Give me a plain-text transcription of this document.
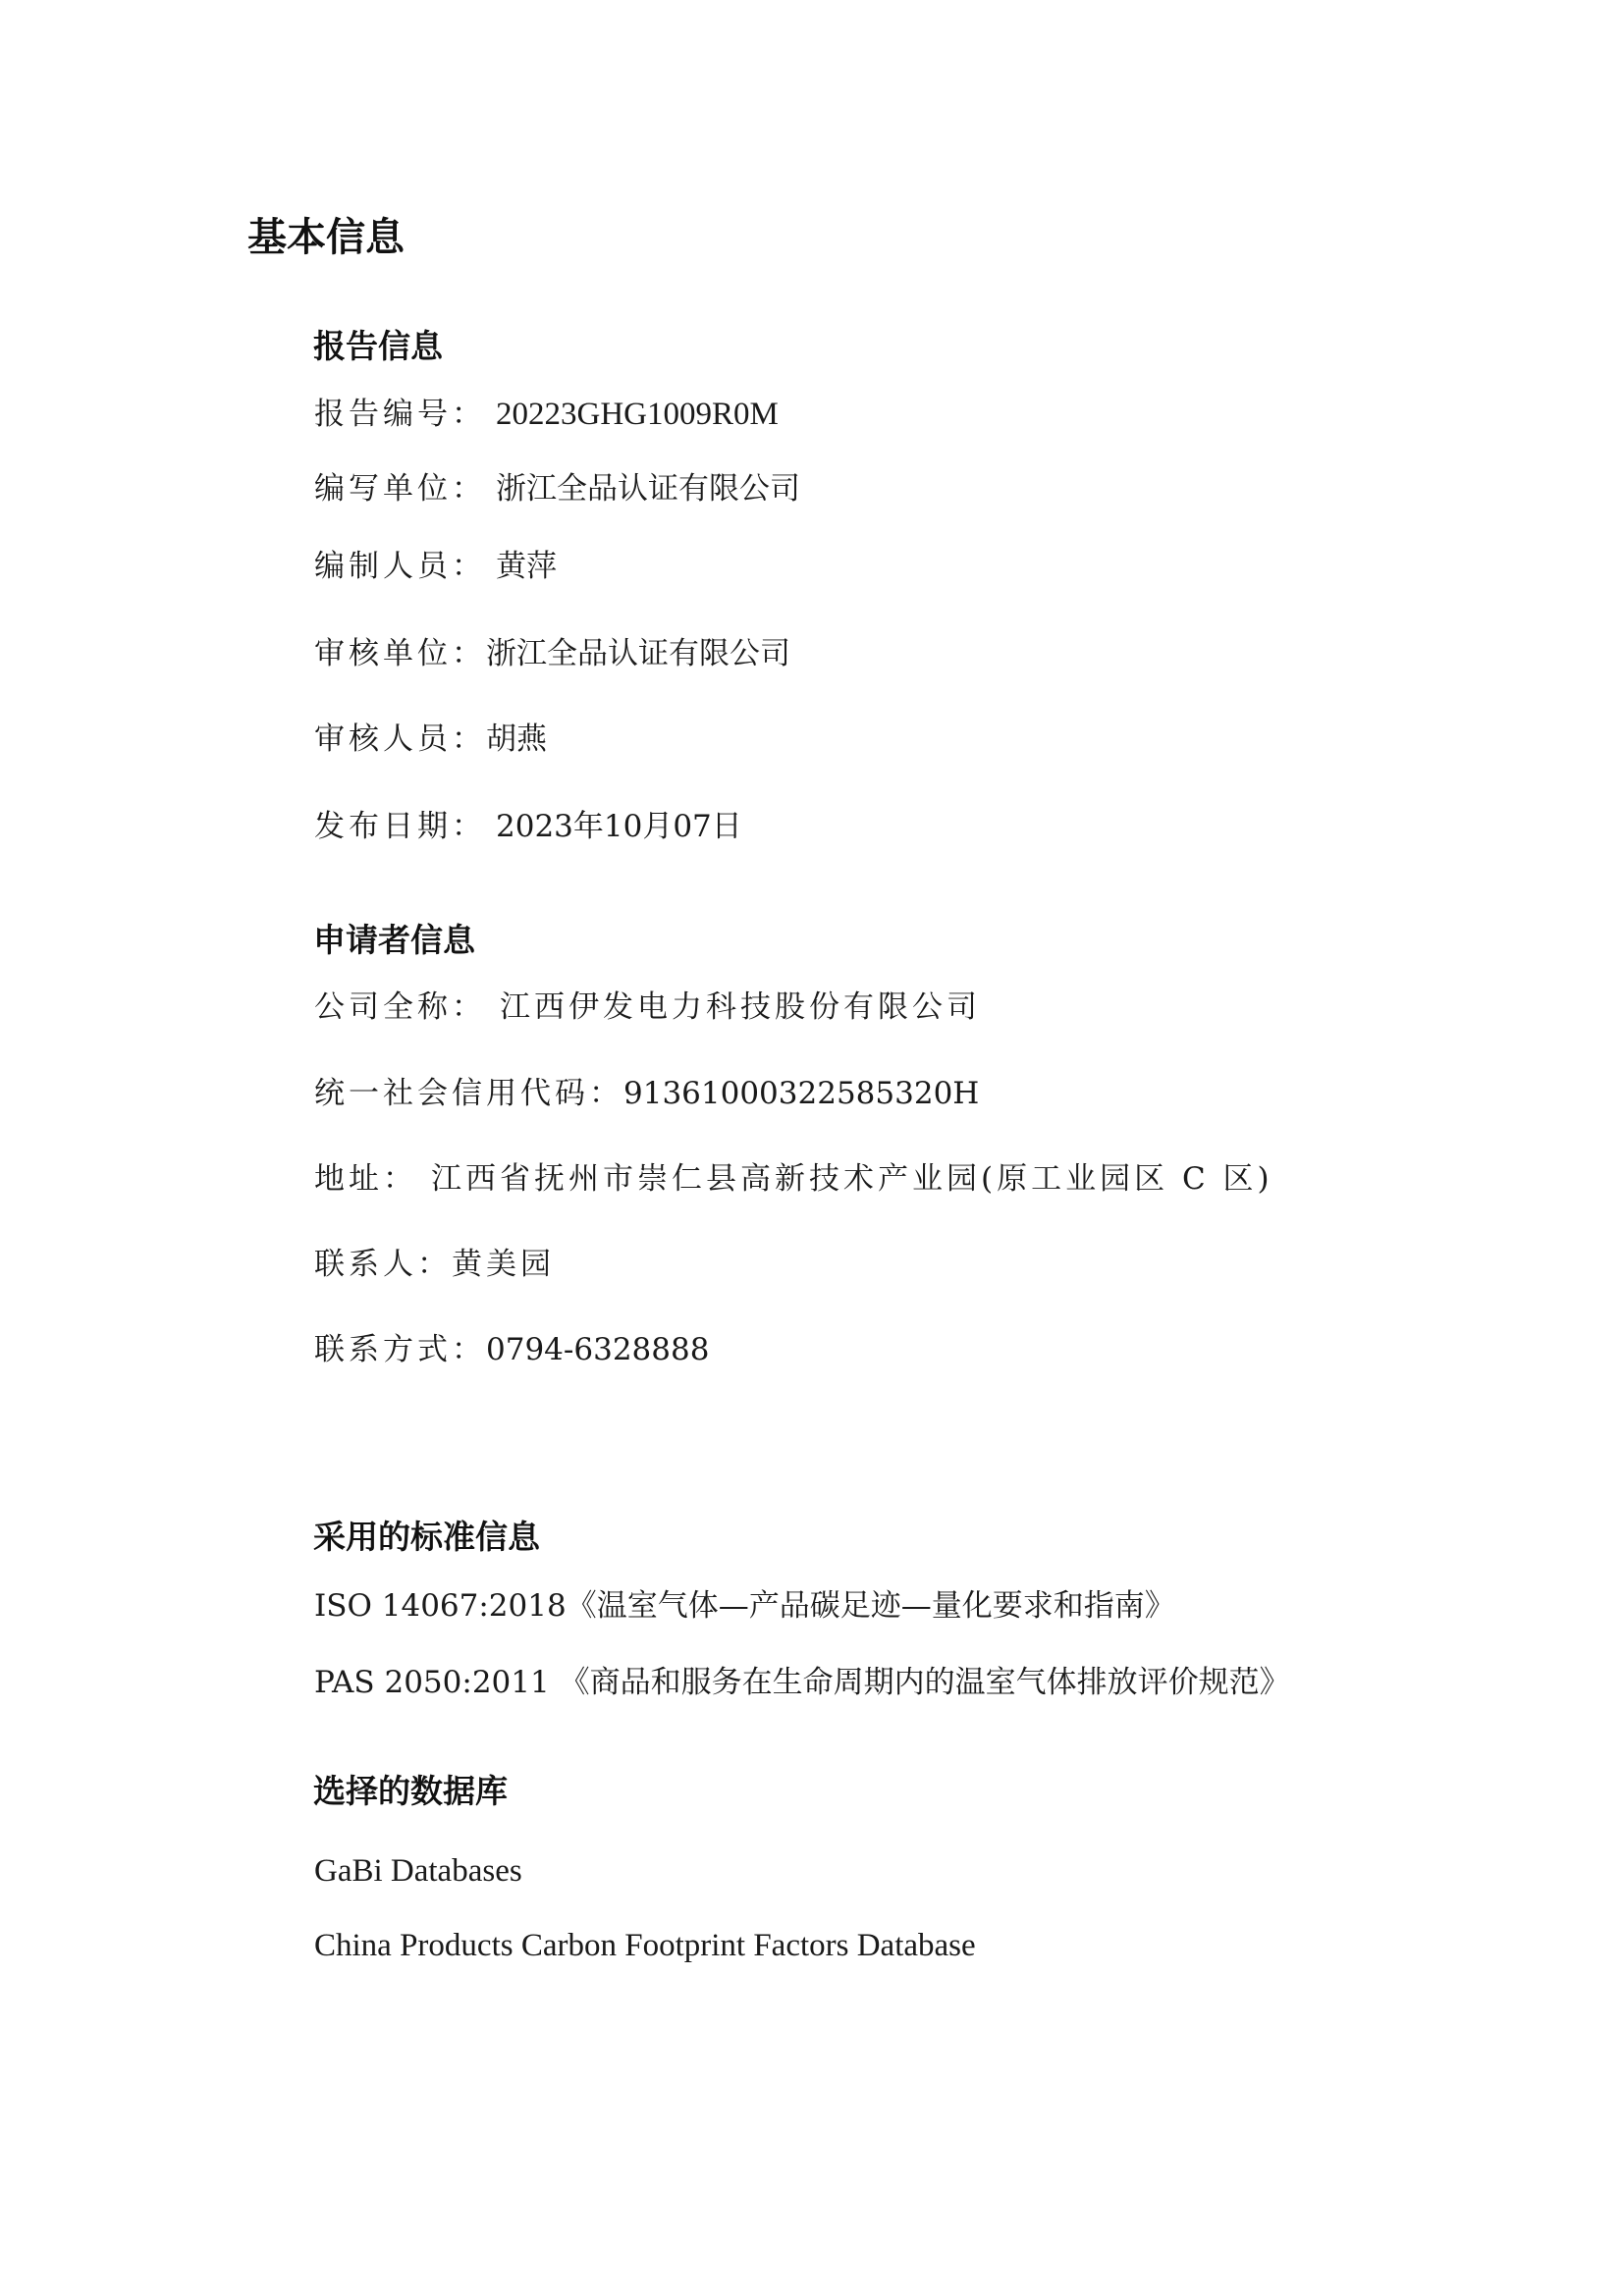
基本信息
报告信息
报告编号： 20223GHG1009R0M
编写单位： 浙江全品认证有限公司
编制人员： 黄萍
审核单位：浙江全品认证有限公司
审核人员：胡燕
发布日期： 2023年10月07日
申请者信息
公司全称： 江西伊发电力科技股份有限公司
统一社会信用代码：91361000322585320H
地址： 江西省抚州市崇仁县高新技术产业园(原工业园区 C 区)
联系人：黄美园
联系方式：0794-6328888
采用的标准信息
ISO 14067:2018《温室气体—产品碳足迹—量化要求和指南》
PAS 2050:2011 《商品和服务在生命周期内的温室气体排放评价规范》
选择的数据库
GaBi Databases
China Products Carbon Footprint Factors Database
